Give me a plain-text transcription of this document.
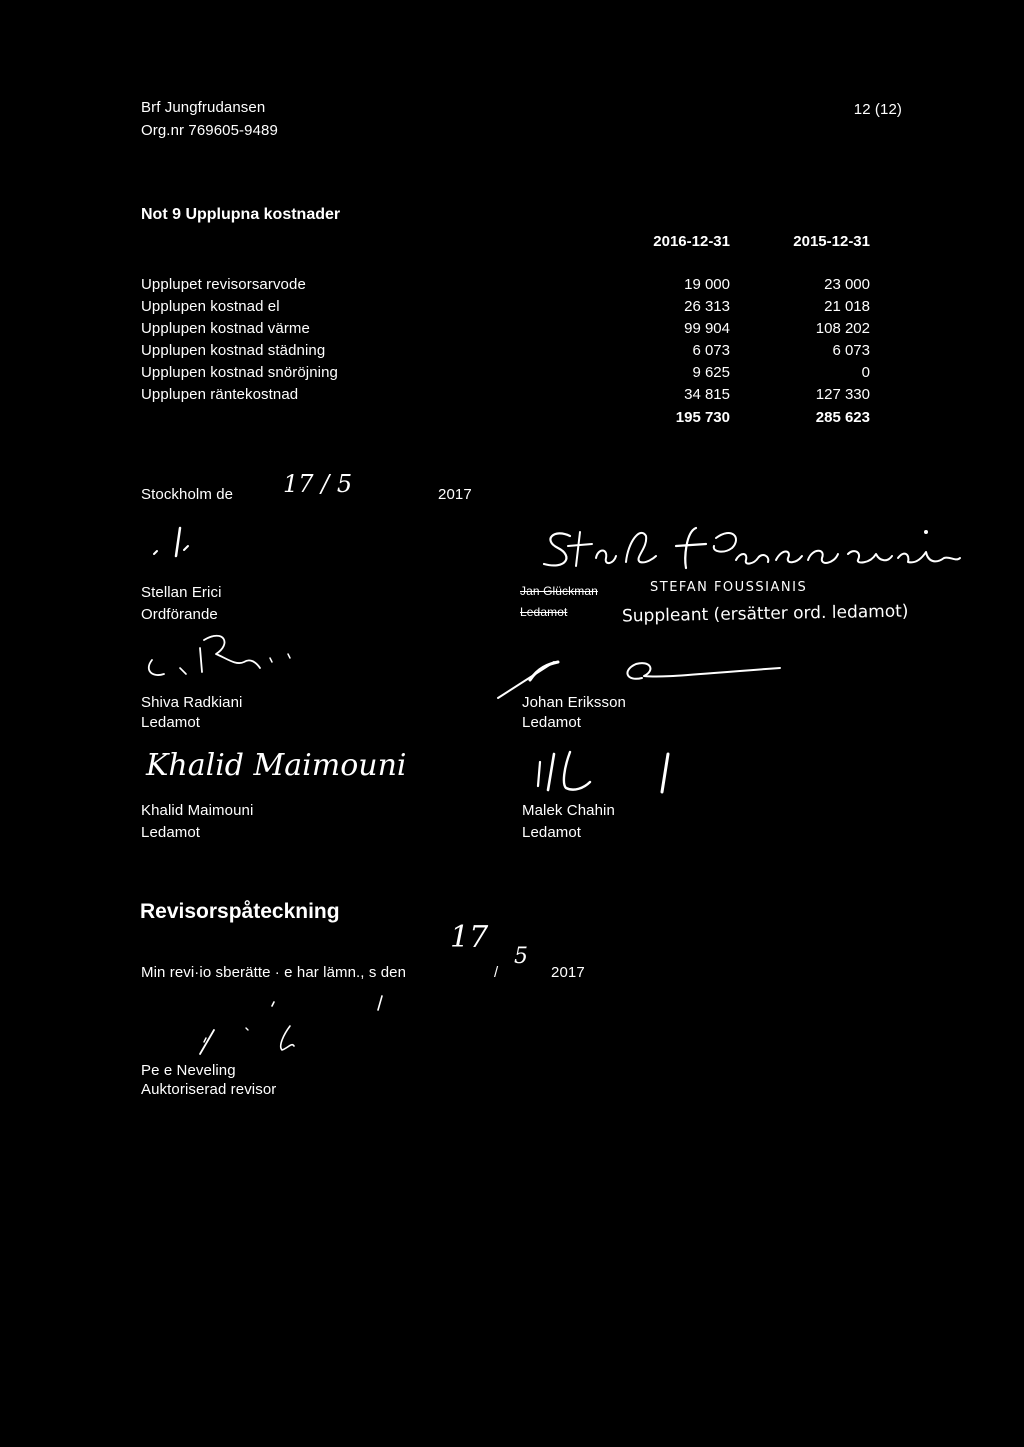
Brf Jungfrudansen
Org.nr 769605-9489
12 (12)
Not 9 Upplupna kostnader
2016-12-31	2015-12-31
Upplupet revisorsarvode	19 000	23 000
Upplupen kostnad el	26 313	21 018
Upplupen kostnad värme	99 904	108 202
Upplupen kostnad städning	6 073	6 073
Upplupen kostnad snöröjning	9 625	0
Upplupen räntekostnad	34 815	127 330
195 730	285 623
Stockholm de 17 / 5	2017
STEFAN FOUSSIANIS
Suppleant (ersätter ord. ledamot)
Stellan Erici
Ordförande
Jan Glückman
Ledamot
Shiva Radkiani
Ledamot
Johan Eriksson
Ledamot
Khalid Maimouni
Khalid Maimouni
Ledamot
Malek Chahin
Ledamot
Revisorspåteckning
17
5
Min revi·io sberätte · e har lämn., s den	/	2017
Pe e Neveling
Auktoriserad revisor
